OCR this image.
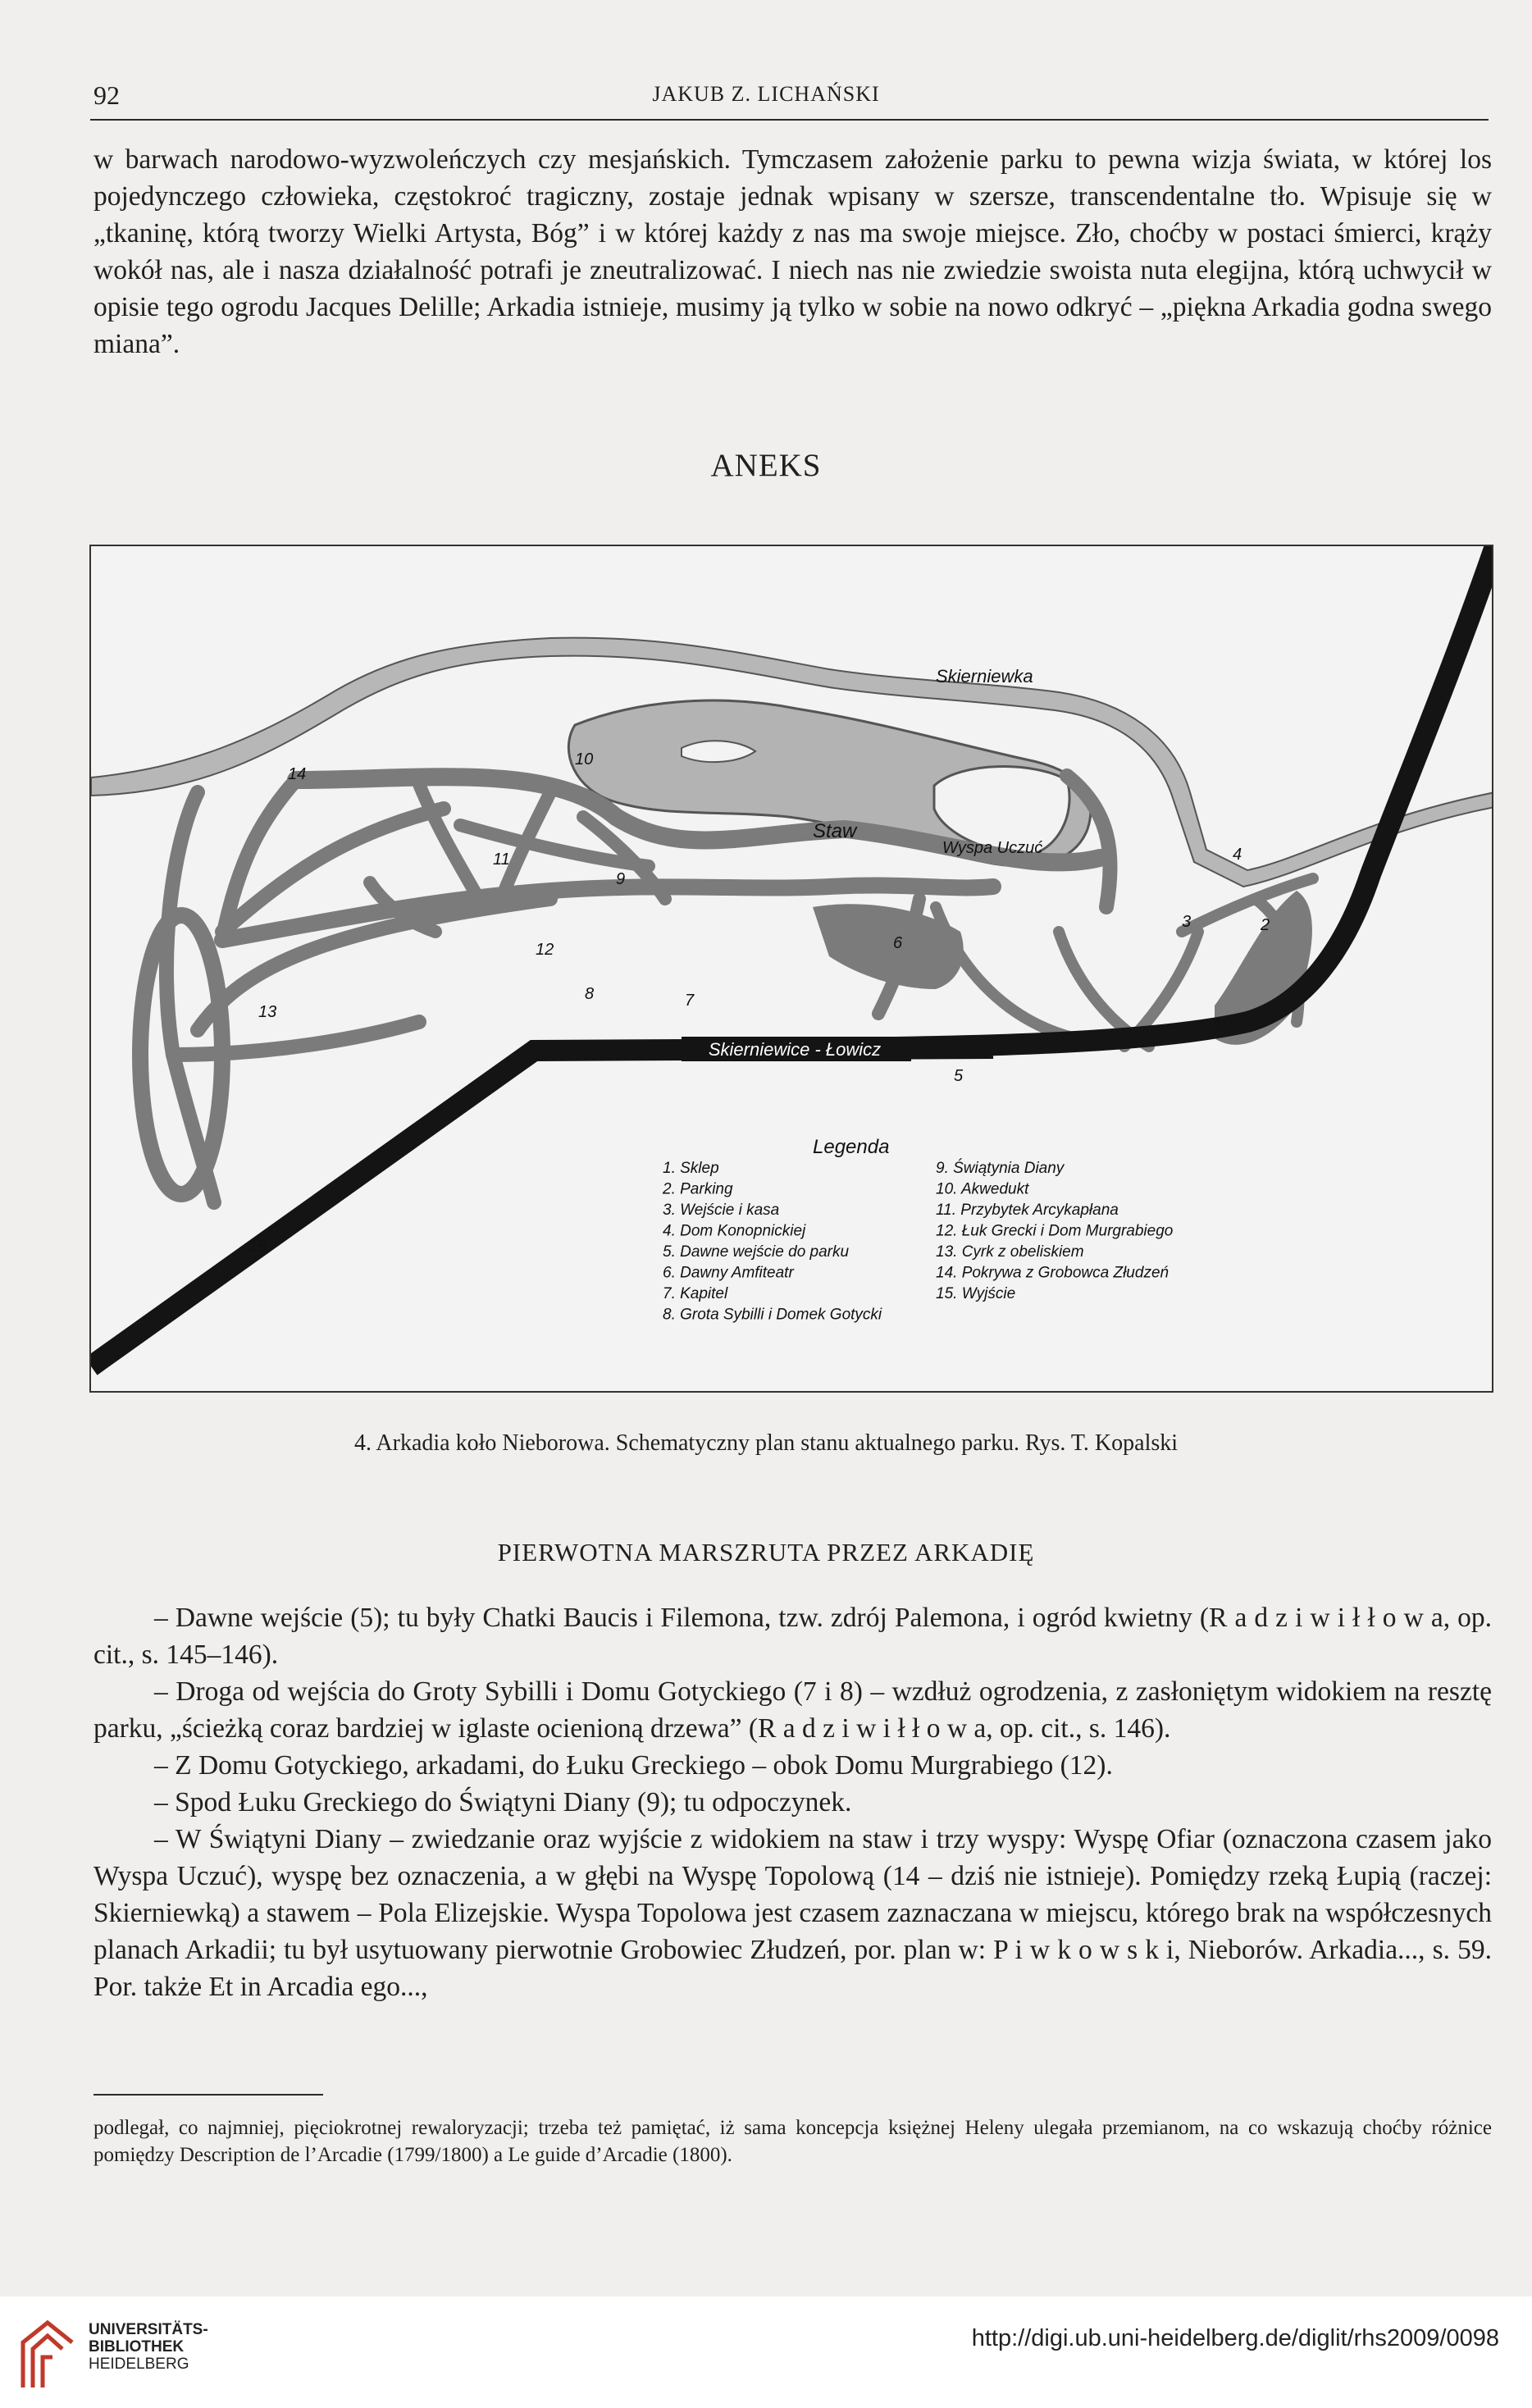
92	JAKUB Z. LICHAŃSKI

w barwach narodowo-wyzwoleńczych czy mesjańskich. Tymczasem założenie parku to pewna wizja świata, w której los pojedynczego człowieka, częstokroć tragiczny, zostaje jednak wpisany w szersze, transcendentalne tło. Wpisuje się w „tkaninę, którą tworzy Wielki Artysta, Bóg” i w której każdy z nas ma swoje miejsce. Zło, choćby w postaci śmierci, krąży wokół nas, ale i nasza działalność potrafi je zneutralizować. I niech nas nie zwiedzie swoista nuta elegijna, którą uchwycił w opisie tego ogrodu Jacques Delille; Arkadia istnieje, musimy ją tylko w sobie na nowo odkryć – „piękna Arkadia godna swego miana”.

ANEKS
Skierniewice - Łowicz
Skierniewka
Staw
Wyspa Uczuć
1
2
3
4
5
6
7
8
9
10
11
12
13
14
15
Legenda
1. Sklep
2. Parking
3. Wejście i kasa
4. Dom Konopnickiej
5. Dawne wejście do parku
6. Dawny Amfiteatr
7. Kapitel
8. Grota Sybilli i Domek Gotycki
9. Świątynia Diany
10. Akwedukt
11. Przybytek Arcykapłana
12. Łuk Grecki i Dom Murgrabiego
13. Cyrk z obeliskiem
14. Pokrywa z Grobowca Złudzeń
15. Wyjście
4. Arkadia koło Nieborowa. Schematyczny plan stanu aktualnego parku. Rys. T. Kopalski
PIERWOTNA MARSZRUTA PRZEZ ARKADIĘ

– Dawne wejście (5); tu były Chatki Baucis i Filemona, tzw. zdrój Palemona, i ogród kwietny (R a d z i w i ł ł o w a, op. cit., s. 145–146).

– Droga od wejścia do Groty Sybilli i Domu Gotyckiego (7 i 8) – wzdłuż ogrodzenia, z zasłoniętym widokiem na resztę parku, „ścieżką coraz bardziej w iglaste ocienioną drzewa” (R a d z i w i ł ł o w a, op. cit., s. 146).

– Z Domu Gotyckiego, arkadami, do Łuku Greckiego – obok Domu Murgrabiego (12).

– Spod Łuku Greckiego do Świątyni Diany (9); tu odpoczynek.

– W Świątyni Diany – zwiedzanie oraz wyjście z widokiem na staw i trzy wyspy: Wyspę Ofiar (oznaczona czasem jako Wyspa Uczuć), wyspę bez oznaczenia, a w głębi na Wyspę Topolową (14 – dziś nie istnieje). Pomiędzy rzeką Łupią (raczej: Skierniewką) a stawem – Pola Elizejskie. Wyspa Topolowa jest czasem zaznaczana w miejscu, którego brak na współczesnych planach Arkadii; tu był usytuowany pierwotnie Grobowiec Złudzeń, por. plan w: P i w k o w s k i, Nieborów. Arkadia..., s. 59. Por. także Et in Arcadia ego...,

podlegał, co najmniej, pięciokrotnej rewaloryzacji; trzeba też pamiętać, iż sama koncepcja księżnej Heleny ulegała przemianom, na co wskazują choćby różnice pomiędzy Description de l’Arcadie (1799/1800) a Le guide d’Arcadie (1800).
UNIVERSITÄTS-
BIBLIOTHEK
HEIDELBERG
http://digi.ub.uni-heidelberg.de/diglit/rhs2009/0098
